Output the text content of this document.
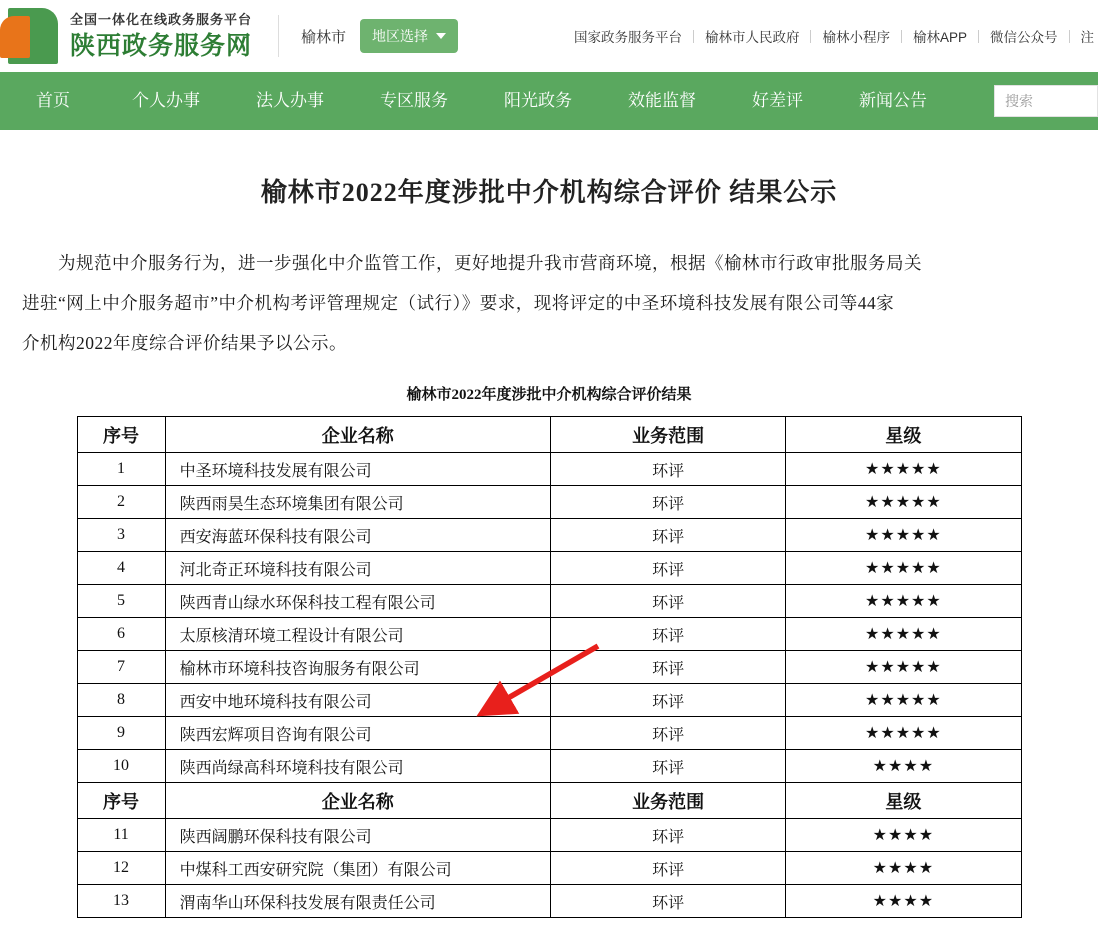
全国一体化在线政务服务平台
陕西政务服务网	榆林市 地区选择	国家政务服务平台	榆林市人民政府	榆林小程序	榆林APP	微信公众号	注
首页	个人办事	法人办事	专区服务	阳光政务	效能监督	好差评	新闻公告	搜索
榆林市2022年度涉批中介机构综合评价 结果公示
为规范中介服务行为，进一步强化中介监管工作，更好地提升我市营商环境，根据《榆林市行政审批服务局关
进驻“网上中介服务超市”中介机构考评管理规定（试行）》要求，现将评定的中圣环境科技发展有限公司等44家
介机构2022年度综合评价结果予以公示。
榆林市2022年度涉批中介机构综合评价结果
序号	企业名称	业务范围	星级
1	中圣环境科技发展有限公司	环评	★★★★★
2	陕西雨昊生态环境集团有限公司	环评	★★★★★
3	西安海蓝环保科技有限公司	环评	★★★★★
4	河北奇正环境科技有限公司	环评	★★★★★
5	陕西青山绿水环保科技工程有限公司	环评	★★★★★
6	太原核清环境工程设计有限公司	环评	★★★★★
7	榆林市环境科技咨询服务有限公司	环评	★★★★★
8	西安中地环境科技有限公司	环评	★★★★★
9	陕西宏辉项目咨询有限公司	环评	★★★★★
10	陕西尚绿高科环境科技有限公司	环评	★★★★
序号	企业名称	业务范围	星级
11	陕西阔鹏环保科技有限公司	环评	★★★★
12	中煤科工西安研究院（集团）有限公司	环评	★★★★
13	渭南华山环保科技发展有限责任公司	环评	★★★★
